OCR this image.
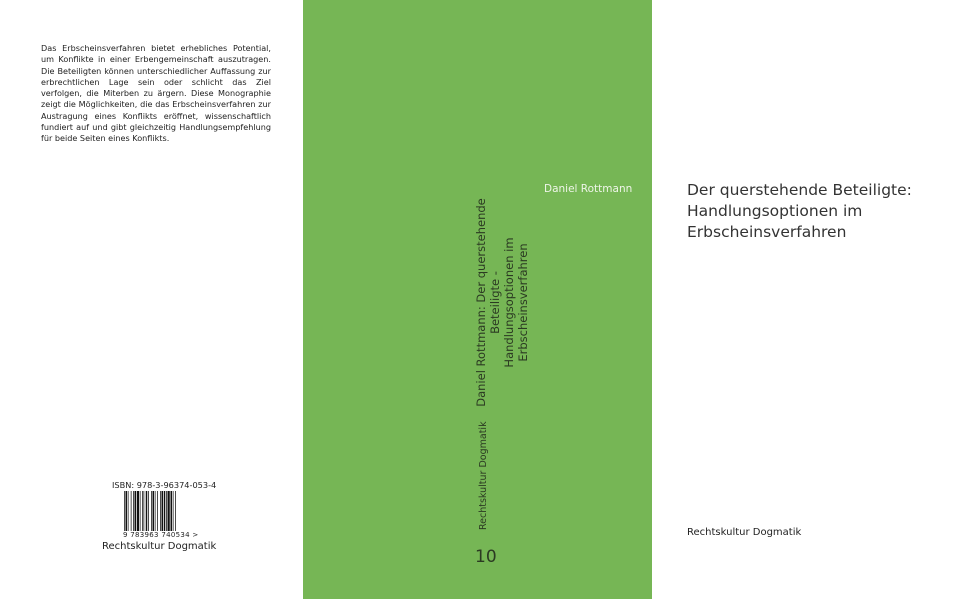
Das Erbscheinsverfahren bietet erhebliches Potential, um Konflikte in einer Erbengemeinschaft auszutragen. Die Beteiligten können unterschiedlicher Auffassung zur erbrechtlichen Lage sein oder schlicht das Ziel verfolgen, die Miterben zu ärgern. Diese Monographie zeigt die Möglichkeiten, die das Erbscheinsverfahren zur Austragung eines Konflikts eröffnet, wissenschaftlich fundiert auf und gibt gleichzeitig Handlungsempfehlung für beide Seiten eines Konflikts.
ISBN: 978-3-96374-053-4
9 783963 740534 >
Rechtskultur Dogmatik
Daniel Rottmann: Der querstehende Beteiligte - Handlungsoptionen im Erbscheinsverfahren
Rechtskultur Dogmatik
10
Daniel Rottmann	Der querstehende Beteiligte:
Handlungsoptionen im
Erbscheinsverfahren
Rechtskultur Dogmatik
